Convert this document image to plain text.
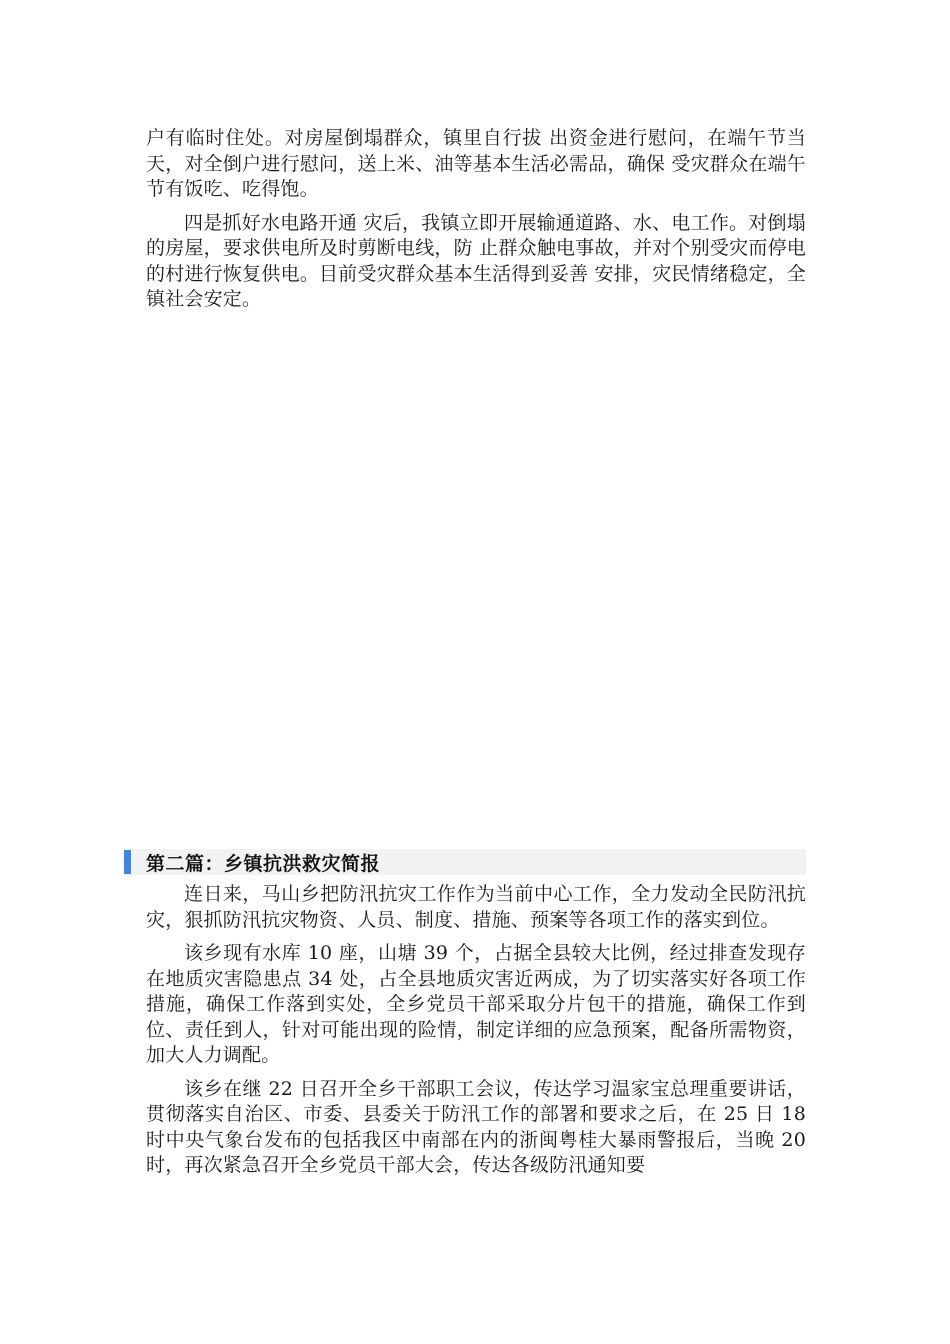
户有临时住处。对房屋倒塌群众，镇里自行拔 出资金进行慰问，在端午节当天，对全倒户进行慰问，送上米、油等基本生活必需品，确保 受灾群众在端午节有饭吃、吃得饱。

四是抓好水电路开通 灾后，我镇立即开展输通道路、水、电工作。对倒塌的房屋，要求供电所及时剪断电线，防 止群众触电事故，并对个别受灾而停电的村进行恢复供电。目前受灾群众基本生活得到妥善 安排，灾民情绪稳定，全镇社会安定。

第二篇：乡镇抗洪救灾简报

连日来，马山乡把防汛抗灾工作作为当前中心工作，全力发动全民防汛抗灾，狠抓防汛抗灾物资、人员、制度、措施、预案等各项工作的落实到位。

该乡现有水库 10 座，山塘 39 个，占据全县较大比例，经过排查发现存在地质灾害隐患点 34 处，占全县地质灾害近两成，为了切实落实好各项工作措施，确保工作落到实处，全乡党员干部采取分片包干的措施，确保工作到位、责任到人，针对可能出现的险情，制定详细的应急预案，配备所需物资，加大人力调配。

该乡在继 22 日召开全乡干部职工会议，传达学习温家宝总理重要讲话，贯彻落实自治区、市委、县委关于防汛工作的部署和要求之后，在 25 日 18 时中央气象台发布的包括我区中南部在内的浙闽粤桂大暴雨警报后，当晚 20 时，再次紧急召开全乡党员干部大会，传达各级防汛通知要
